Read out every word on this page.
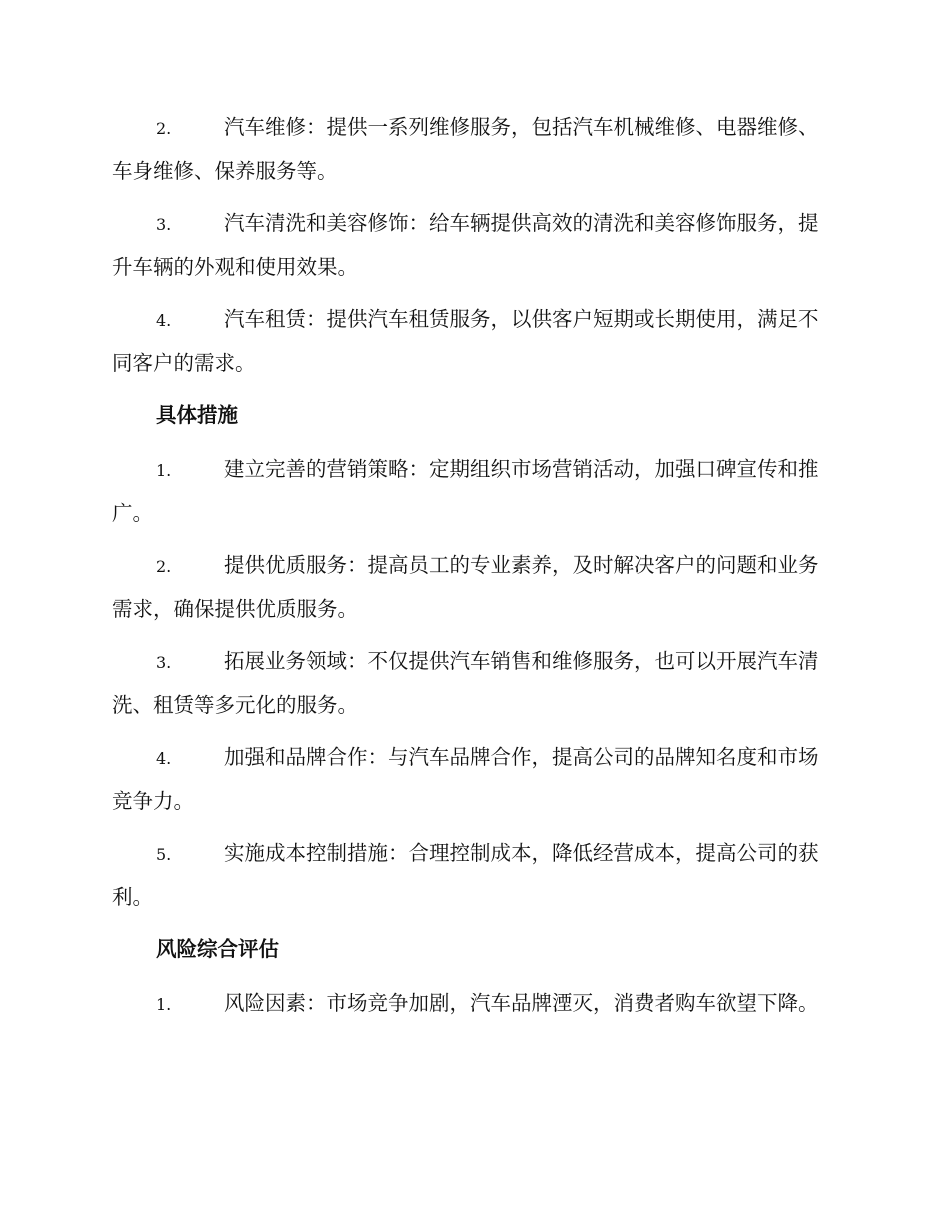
2.	汽车维修：提供一系列维修服务，包括汽车机械维修、电器维修、车身维修、保养服务等。

3.	汽车清洗和美容修饰：给车辆提供高效的清洗和美容修饰服务，提升车辆的外观和使用效果。

4.	汽车租赁：提供汽车租赁服务，以供客户短期或长期使用，满足不同客户的需求。

具体措施

1.	建立完善的营销策略：定期组织市场营销活动，加强口碑宣传和推广。

2.	提供优质服务：提高员工的专业素养，及时解决客户的问题和业务需求，确保提供优质服务。

3.	拓展业务领域：不仅提供汽车销售和维修服务，也可以开展汽车清洗、租赁等多元化的服务。

4.	加强和品牌合作：与汽车品牌合作，提高公司的品牌知名度和市场竞争力。

5.	实施成本控制措施：合理控制成本，降低经营成本，提高公司的获利。

风险综合评估

1.	风险因素：市场竞争加剧，汽车品牌湮灭，消费者购车欲望下降。
